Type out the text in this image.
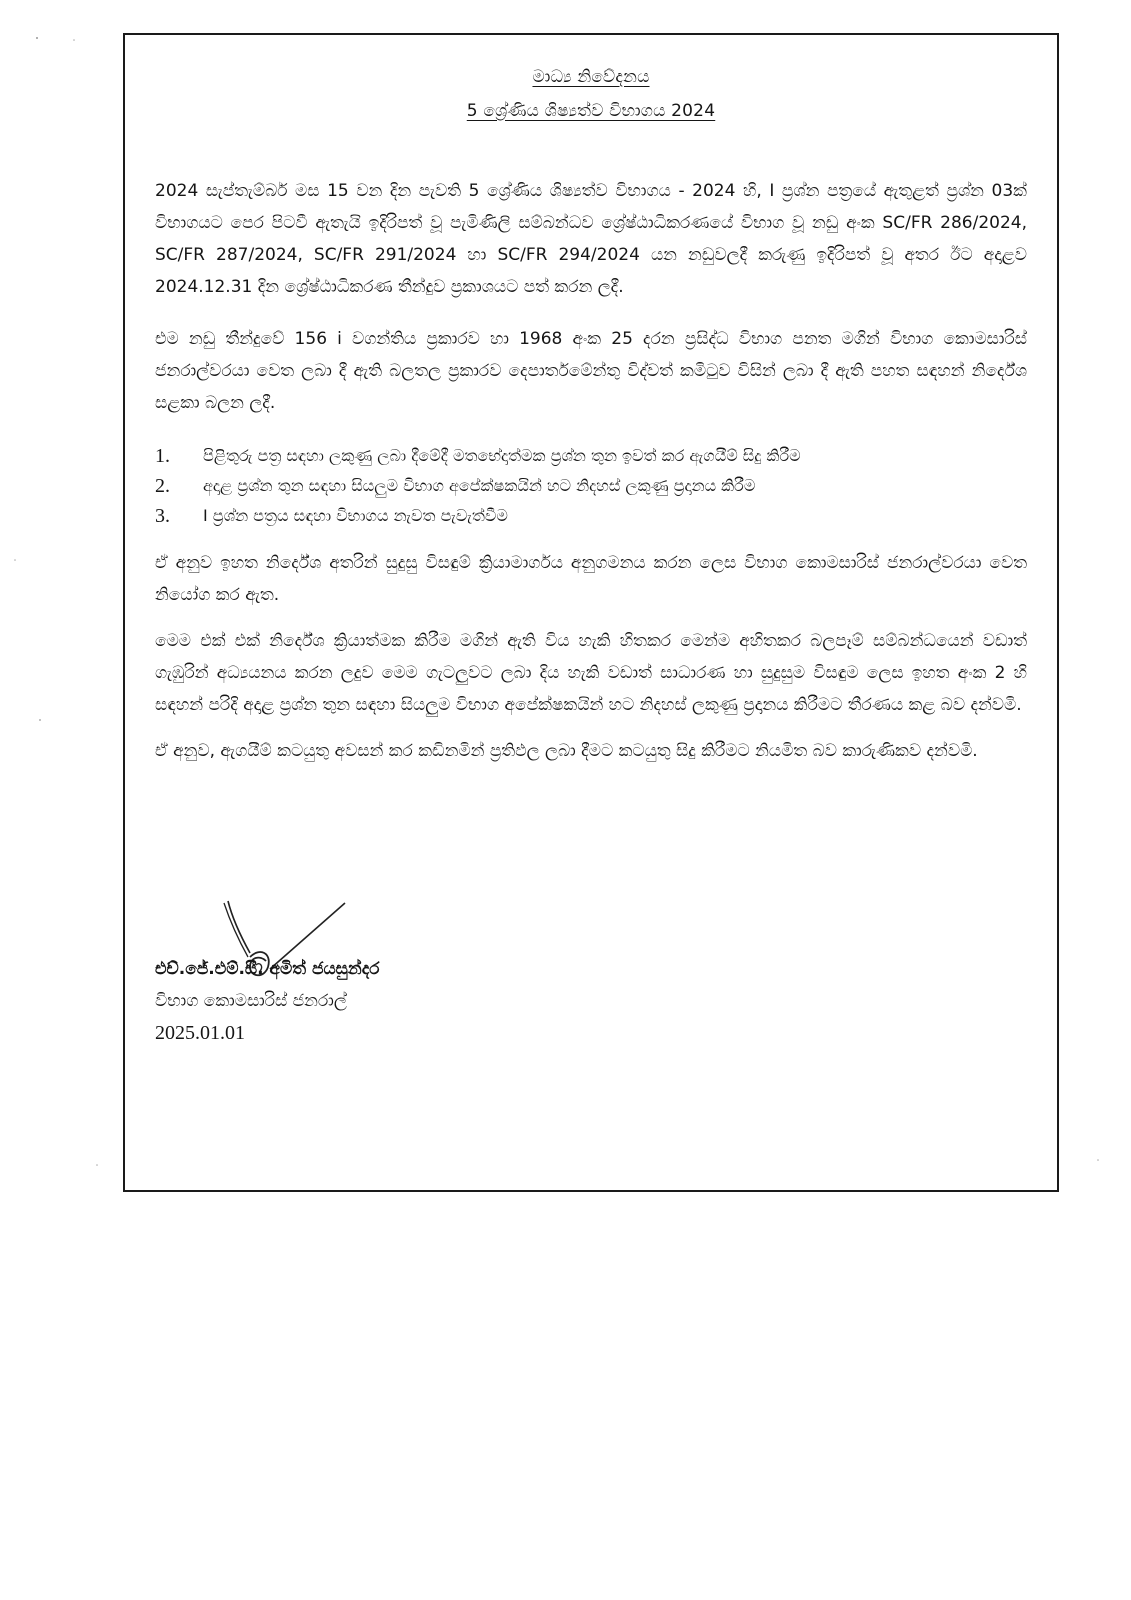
මාධ්‍ය නිවේදනය
5 ශ්‍රේණිය ශිෂ්‍යත්ව විභාගය 2024

2024 සැප්තැම්බර් මස 15 වන දින පැවති 5 ශ්‍රේණිය ශිෂ්‍යත්ව විභාගය - 2024 හි, I ප්‍රශ්න පත්‍රයේ ඇතුළත් ප්‍රශ්න 03ක් විභාගයට පෙර පිටවී ඇතැයි ඉදිරිපත් වූ පැමිණිලි සම්බන්ධව ශ්‍රේෂ්ඨාධිකරණයේ විභාග වූ නඩු අංක SC/FR 286/2024, SC/FR 287/2024, SC/FR 291/2024 හා SC/FR 294/2024 යන නඩුවලදී කරුණු ඉදිරිපත් වූ අතර ඊට අදාළව 2024.12.31 දින ශ්‍රේෂ්ඨාධිකරණ තීන්දුව ප්‍රකාශයට පත් කරන ලදී.

එම නඩු තීන්දුවේ 156 i වගන්තිය ප්‍රකාරව හා 1968 අංක 25 දරන ප්‍රසිද්ධ විභාග පනත මගින් විභාග කොමසාරිස් ජනරාල්වරයා වෙත ලබා දී ඇති බලතල ප්‍රකාරව දෙපාර්තමේන්තු විද්වත් කමිටුව විසින් ලබා දී ඇති පහත සඳහන් නිර්දේශ සළකා බලන ලදී.

1.	පිළිතුරු පත්‍ර සඳහා ලකුණු ලබා දීමේදී මතභේදාත්මක ප්‍රශ්න තුන ඉවත් කර ඇගයීම් සිදු කිරීම
2.	අදාළ ප්‍රශ්න තුන සඳහා සියලුම විභාග අපේක්ෂකයින් හට නිදහස් ලකුණු ප්‍රදානය කිරීම
3.	I ප්‍රශ්න පත්‍රය සඳහා විභාගය නැවත පැවැත්වීම

ඒ අනුව ඉහත නිර්දේශ අතරින් සුදුසු විසඳුම් ක්‍රියාමාර්ගය අනුගමනය කරන ලෙස විභාග කොමසාරිස් ජනරාල්වරයා වෙත නියෝග කර ඇත.

මෙම එක් එක් නිර්දේශ ක්‍රියාත්මක කිරීම මගින් ඇති විය හැකි හිතකර මෙන්ම අහිතකර බලපෑම් සම්බන්ධයෙන් වඩාත් ගැඹුරින් අධ්‍යයනය කරන ලදුව මෙම ගැටලුවට ලබා දිය හැකි වඩාත් සාධාරණ හා සුදුසුම විසඳුම ලෙස ඉහත අංක 2 හි සඳහන් පරිදි අදාළ ප්‍රශ්න තුන සඳහා සියලුම විභාග අපේක්ෂකයින් හට නිදහස් ලකුණු ප්‍රදානය කිරීමට තීරණය කළ බව දන්වමි.

ඒ අනුව, ඇගයීම් කටයුතු අවසන් කර කඩිනමින් ප්‍රතිඵල ලබා දීමට කටයුතු සිදු කිරීමට නියමිත බව කාරුණිකව දන්වමි.

එච්.ජේ.එම්.සී. අමිත් ජයසුන්දර
විභාග කොමසාරිස් ජනරාල්
2025.01.01
